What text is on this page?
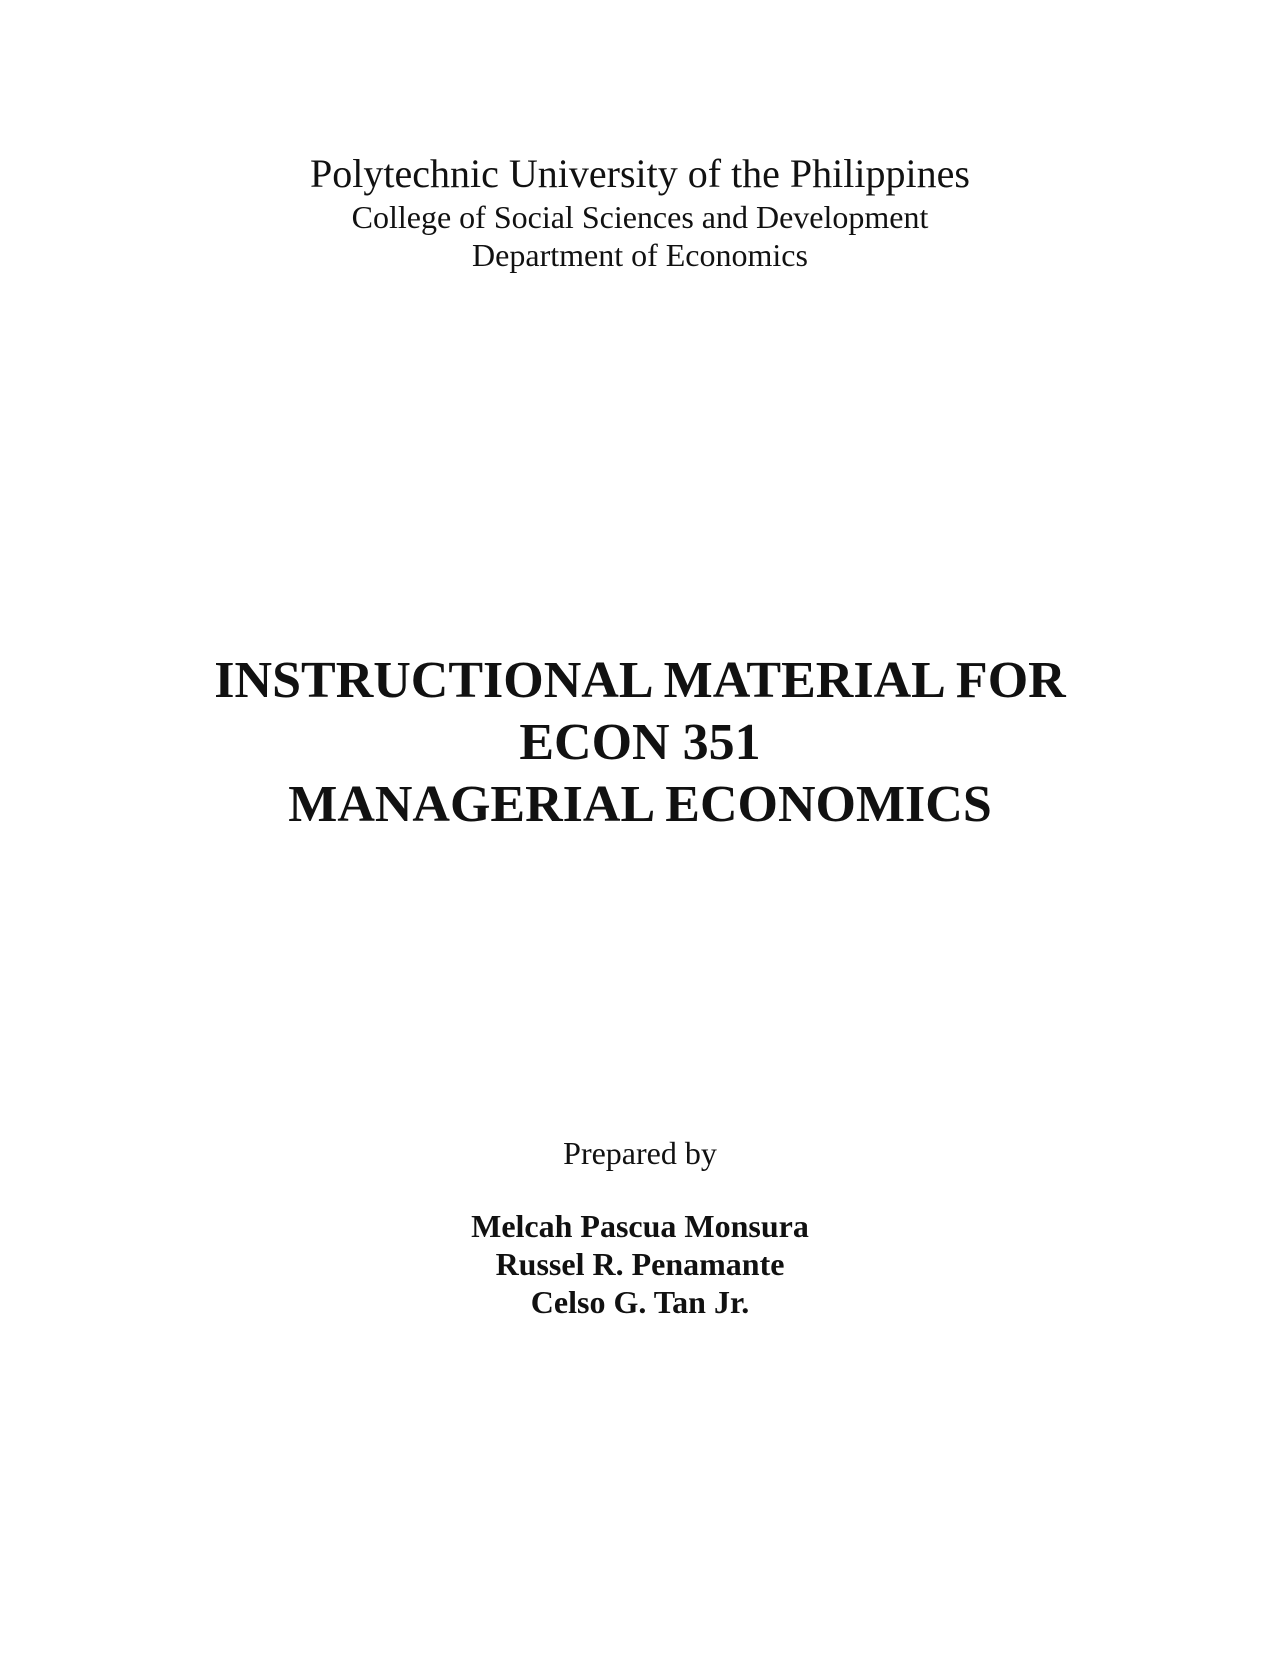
Polytechnic University of the Philippines
College of Social Sciences and Development
Department of Economics
INSTRUCTIONAL MATERIAL FOR
ECON 351
MANAGERIAL ECONOMICS
Prepared by
Melcah Pascua Monsura
Russel R. Penamante
Celso G. Tan Jr.
